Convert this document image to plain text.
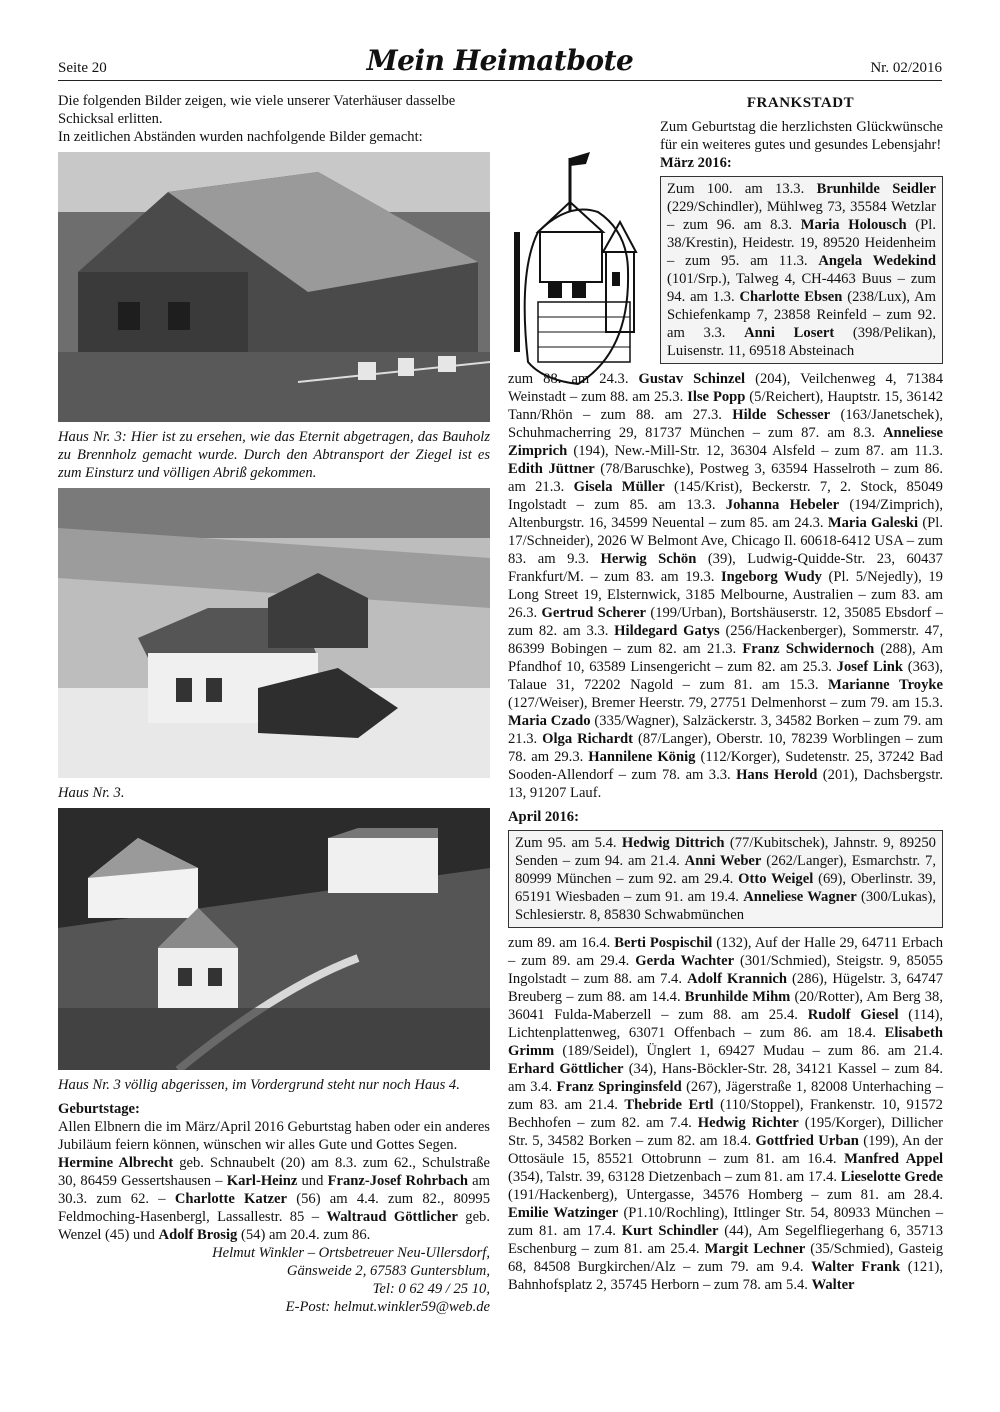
Seite 20	Mein Heimatbote	Nr. 02/2016

Die folgenden Bilder zeigen, wie viele unserer Vaterhäuser dasselbe Schicksal erlitten.

In zeitlichen Abständen wurden nachfolgende Bilder gemacht:

Haus Nr. 3: Hier ist zu ersehen, wie das Eternit abgetragen, das Bauholz zu Brennholz gemacht wurde. Durch den Abtransport der Ziegel ist es zum Einsturz und völligen Abriß gekommen.

Haus Nr. 3.

Haus Nr. 3 völlig abgerissen, im Vordergrund steht nur noch Haus 4.

Geburtstage:

Allen Elbnern die im März/April 2016 Geburtstag haben oder ein anderes Jubiläum feiern können, wünschen wir alles Gute und Gottes Segen.

Hermine Albrecht geb. Schnaubelt (20) am 8.3. zum 62., Schulstraße 30, 86459 Gessertshausen – Karl-Heinz und Franz-Josef Rohrbach am 30.3. zum 62. – Charlotte Katzer (56) am 4.4. zum 82., 80995 Feldmoching-Hasenbergl, Lassallestr. 85 – Waltraud Göttlicher geb. Wenzel (45) und Adolf Brosig (54) am 20.4. zum 86.

Helmut Winkler – Ortsbetreuer Neu-Ullersdorf,

Gänsweide 2, 67583 Guntersblum,

Tel: 0 62 49 / 25 10,

E-Post: helmut.winkler59@web.de

FRANKSTADT

Zum Geburtstag die herzlichsten Glückwünsche für ein weiteres gutes und gesundes Lebensjahr!

März 2016:

Zum 100. am 13.3. Brunhilde Seidler (229/Schindler), Mühlweg 73, 35584 Wetzlar – zum 96. am 8.3. Maria Holousch (Pl. 38/Krestin), Heidestr. 19, 89520 Heidenheim – zum 95. am 11.3. Angela Wedekind (101/Srp.), Talweg 4, CH-4463 Buus – zum 94. am 1.3. Charlotte Ebsen (238/Lux), Am Schiefenkamp 7, 23858 Reinfeld – zum 92. am 3.3. Anni Losert (398/Pelikan), Luisenstr. 11, 69518 Absteinach

zum 88. am 24.3. Gustav Schinzel (204), Veilchenweg 4, 71384 Weinstadt – zum 88. am 25.3. Ilse Popp (5/Reichert), Hauptstr. 15, 36142 Tann/Rhön – zum 88. am 27.3. Hilde Schesser (163/Janetschek), Schuhmacherring 29, 81737 München – zum 87. am 8.3. Anneliese Zimprich (194), New.-Mill-Str. 12, 36304 Alsfeld – zum 87. am 11.3. Edith Jüttner (78/Baruschke), Postweg 3, 63594 Hasselroth – zum 86. am 21.3. Gisela Müller (145/Krist), Beckerstr. 7, 2. Stock, 85049 Ingolstadt – zum 85. am 13.3. Johanna Hebeler (194/Zimprich), Altenburgstr. 16, 34599 Neuental – zum 85. am 24.3. Maria Galeski (Pl. 17/Schneider), 2026 W Belmont Ave, Chicago Il. 60618-6412 USA – zum 83. am 9.3. Herwig Schön (39), Ludwig-Quidde-Str. 23, 60437 Frankfurt/M. – zum 83. am 19.3. Ingeborg Wudy (Pl. 5/Nejedly), 19 Long Street 19, Elsternwick, 3185 Melbourne, Australien – zum 83. am 26.3. Gertrud Scherer (199/Urban), Bortshäuserstr. 12, 35085 Ebsdorf – zum 82. am 3.3. Hildegard Gatys (256/Hackenberger), Sommerstr. 47, 86399 Bobingen – zum 82. am 21.3. Franz Schwidernoch (288), Am Pfandhof 10, 63589 Linsengericht – zum 82. am 25.3. Josef Link (363), Talaue 31, 72202 Nagold – zum 81. am 15.3. Marianne Troyke (127/Weiser), Bremer Heerstr. 79, 27751 Delmenhorst – zum 79. am 15.3. Maria Czado (335/Wagner), Salzäckerstr. 3, 34582 Borken – zum 79. am 21.3. Olga Richardt (87/Langer), Oberstr. 10, 78239 Worblingen – zum 78. am 29.3. Hannilene König (112/Korger), Sudetenstr. 25, 37242 Bad Sooden-Allendorf – zum 78. am 3.3. Hans Herold (201), Dachsbergstr. 13, 91207 Lauf.

April 2016:

Zum 95. am 5.4. Hedwig Dittrich (77/Kubitschek), Jahnstr. 9, 89250 Senden – zum 94. am 21.4. Anni Weber (262/Langer), Esmarchstr. 7, 80999 München – zum 92. am 29.4. Otto Weigel (69), Oberlinstr. 39, 65191 Wiesbaden – zum 91. am 19.4. Anneliese Wagner (300/Lukas), Schlesierstr. 8, 85830 Schwabmünchen

zum 89. am 16.4. Berti Pospischil (132), Auf der Halle 29, 64711 Erbach – zum 89. am 29.4. Gerda Wachter (301/Schmied), Steigstr. 9, 85055 Ingolstadt – zum 88. am 7.4. Adolf Krannich (286), Hügelstr. 3, 64747 Breuberg – zum 88. am 14.4. Brunhilde Mihm (20/Rotter), Am Berg 38, 36041 Fulda-Maberzell – zum 88. am 25.4. Rudolf Giesel (114), Lichtenplattenweg, 63071 Offenbach – zum 86. am 18.4. Elisabeth Grimm (189/Seidel), Ünglert 1, 69427 Mudau – zum 86. am 21.4. Erhard Göttlicher (34), Hans-Böckler-Str. 28, 34121 Kassel – zum 84. am 3.4. Franz Springinsfeld (267), Jägerstraße 1, 82008 Unterhaching – zum 83. am 21.4. Thebride Ertl (110/Stoppel), Frankenstr. 10, 91572 Bechhofen – zum 82. am 7.4. Hedwig Richter (195/Korger), Dillicher Str. 5, 34582 Borken – zum 82. am 18.4. Gottfried Urban (199), An der Ottosäule 15, 85521 Ottobrunn – zum 81. am 16.4. Manfred Appel (354), Talstr. 39, 63128 Dietzenbach – zum 81. am 17.4. Lieselotte Grede (191/Hackenberg), Untergasse, 34576 Homberg – zum 81. am 28.4. Emilie Watzinger (P1.10/Rochling), Ittlinger Str. 54, 80933 München – zum 81. am 17.4. Kurt Schindler (44), Am Segelfliegerhang 6, 35713 Eschenburg – zum 81. am 25.4. Margit Lechner (35/Schmied), Gasteig 68, 84508 Burgkirchen/Alz – zum 79. am 9.4. Walter Frank (121), Bahnhofsplatz 2, 35745 Herborn – zum 78. am 5.4. Walter
